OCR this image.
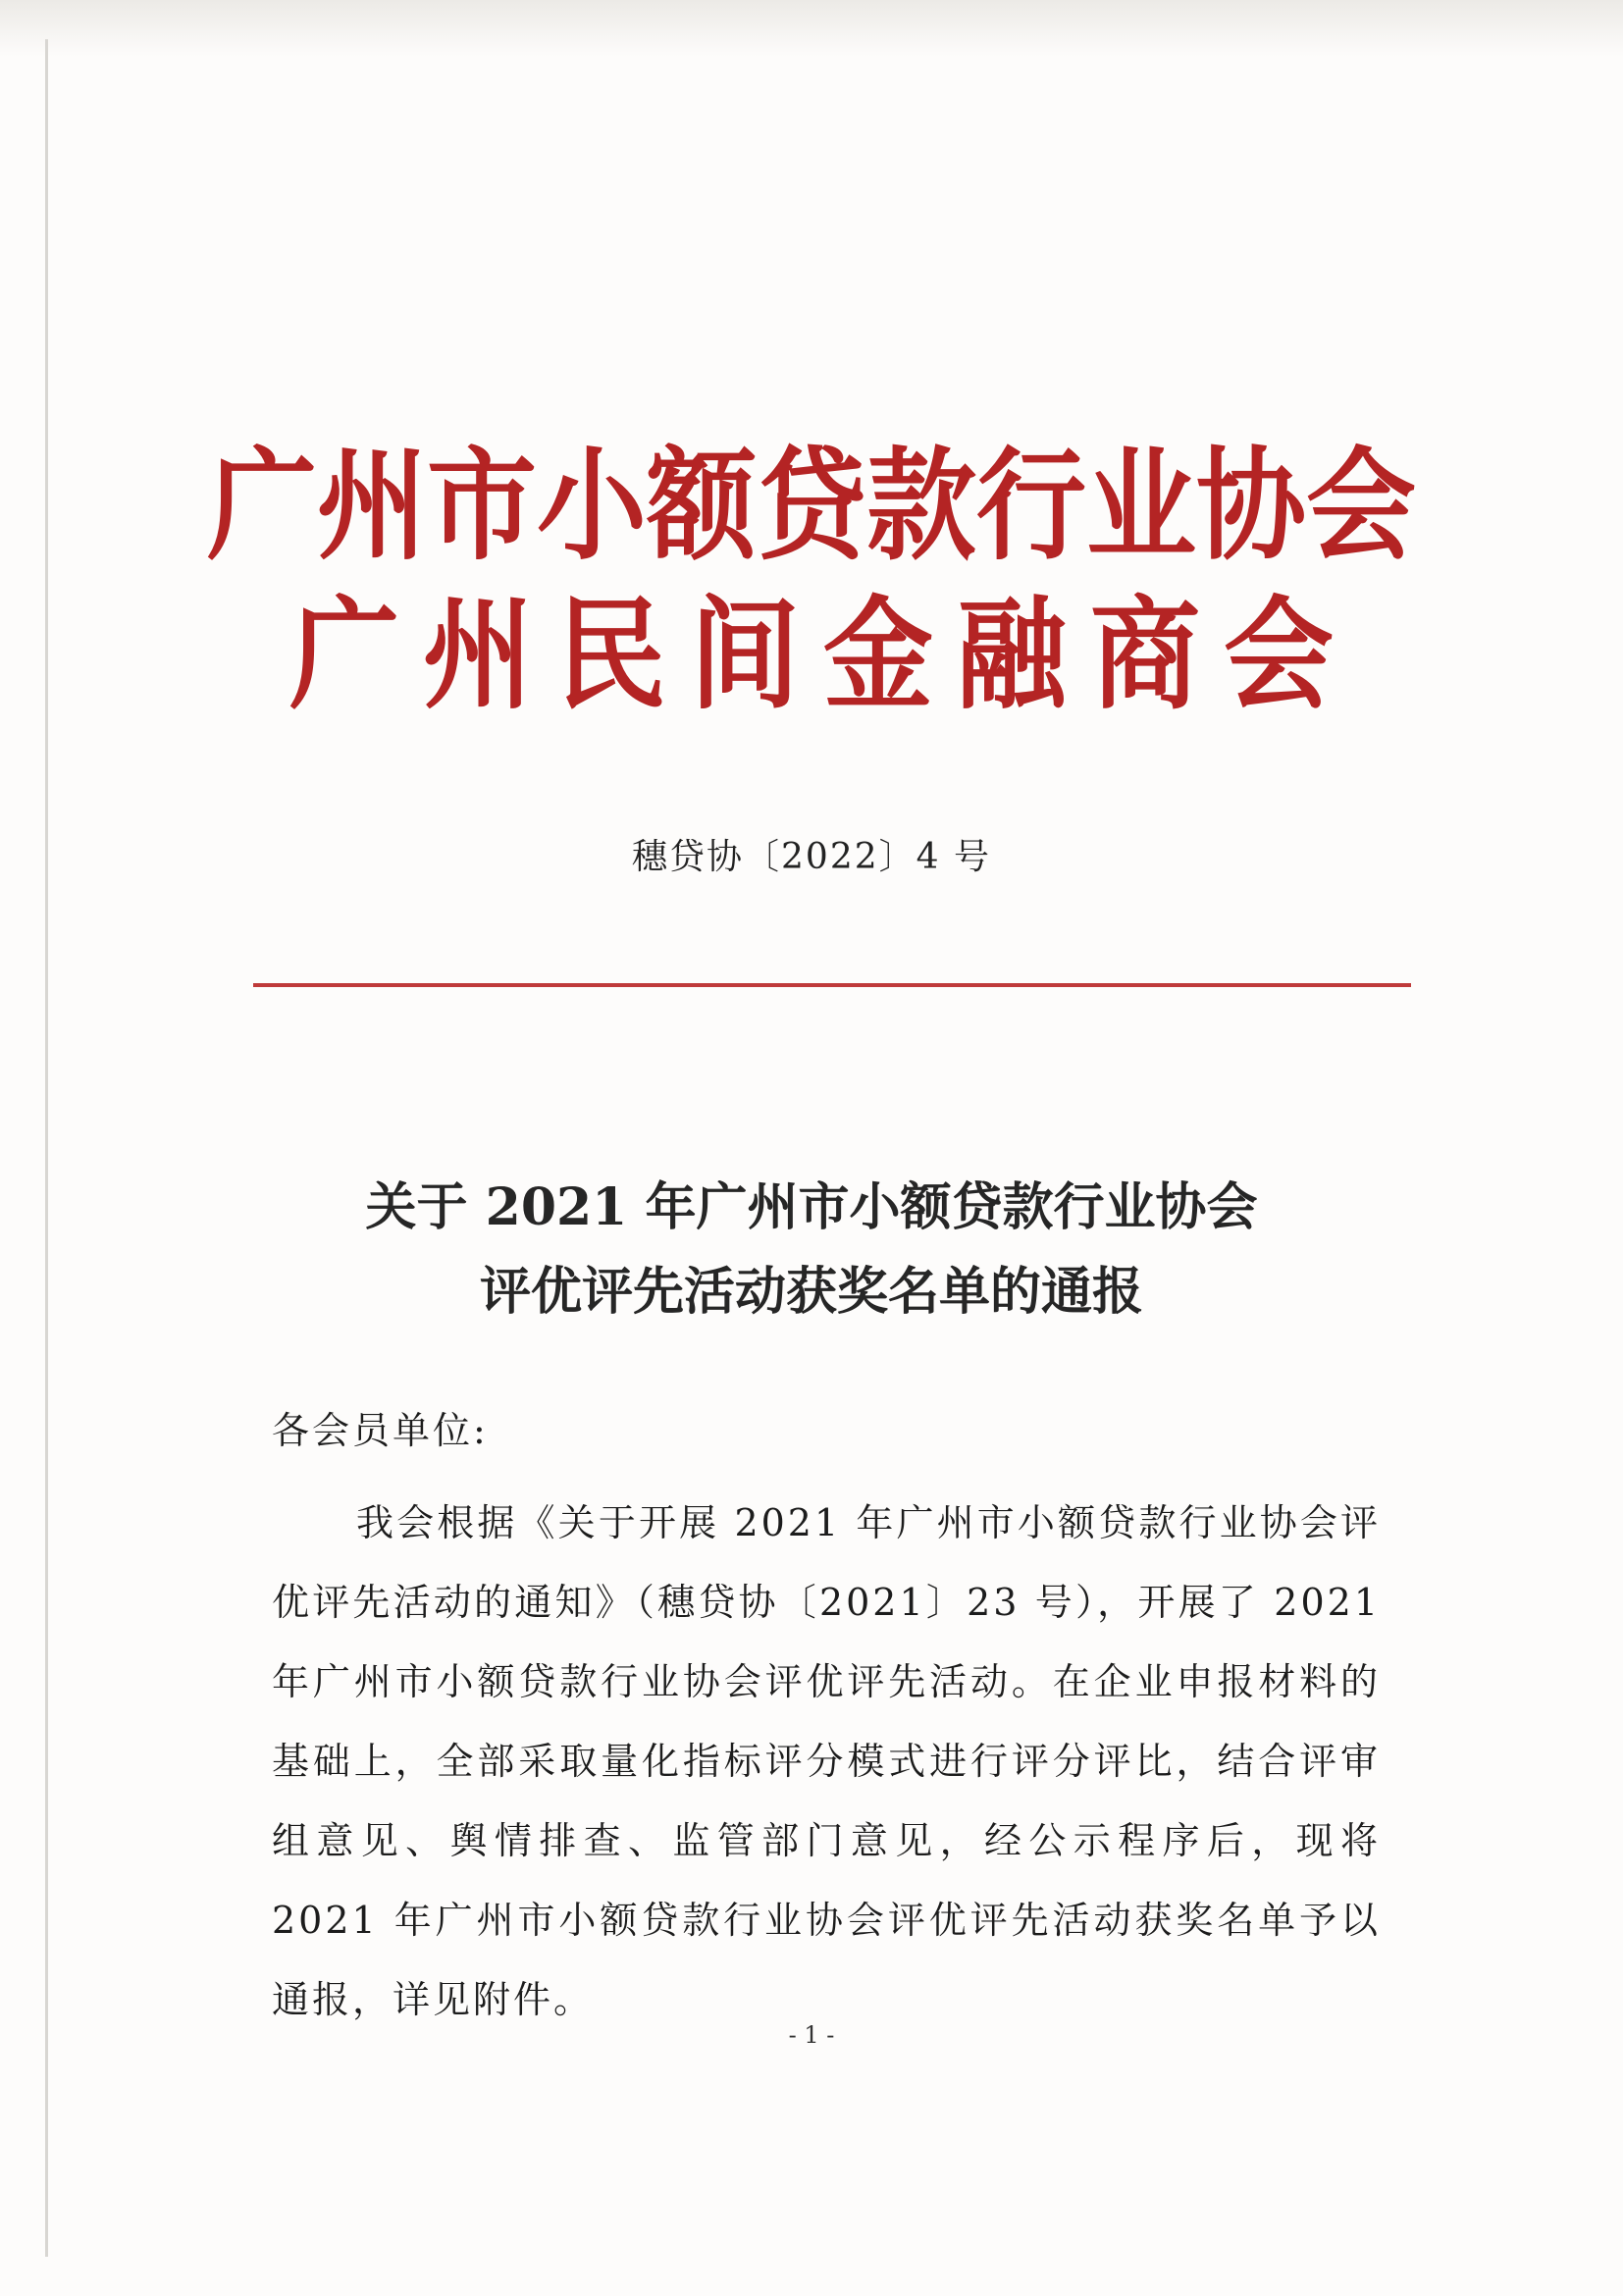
广州市小额贷款行业协会
广州民间金融商会
穗贷协〔2022〕4 号
关于 2021 年广州市小额贷款行业协会
评优评先活动获奖名单的通报
各会员单位:

我会根据《关于开展 2021 年广州市小额贷款行业协会评优评先活动的通知》（穗贷协〔2021〕23 号），开展了 2021 年广州市小额贷款行业协会评优评先活动。在企业申报材料的基础上，全部采取量化指标评分模式进行评分评比，结合评审组意见、舆情排查、监管部门意见，经公示程序后，现将 2021 年广州市小额贷款行业协会评优评先活动获奖名单予以通报，详见附件。

- 1 -
